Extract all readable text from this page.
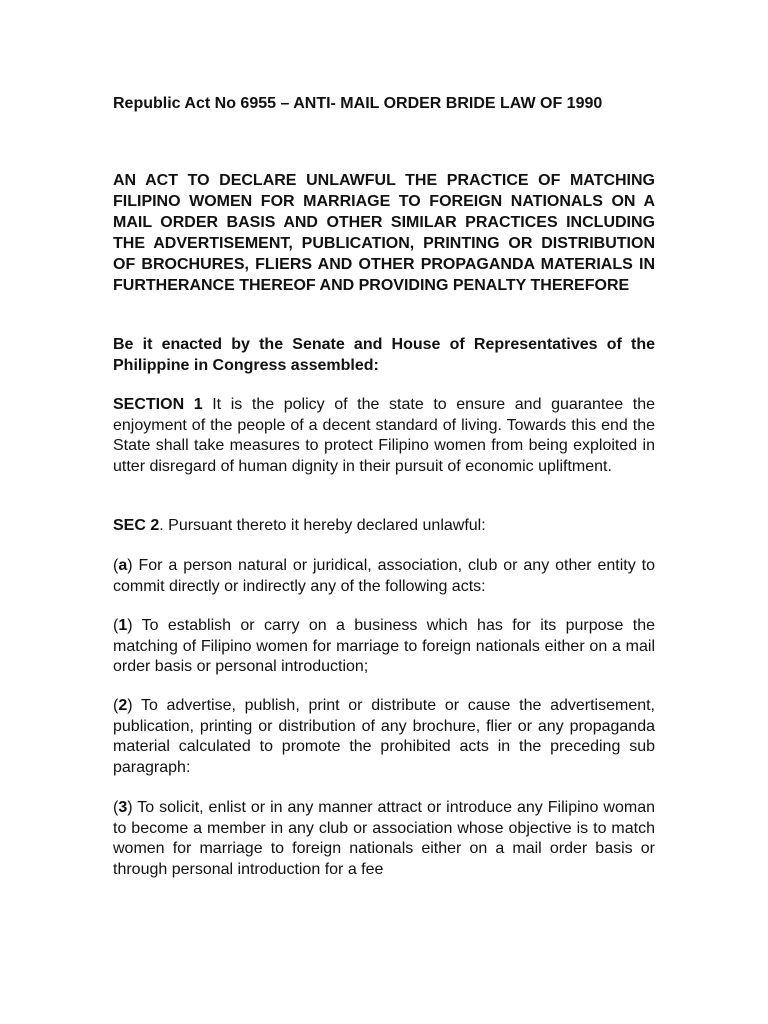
Republic Act No 6955 – ANTI- MAIL ORDER BRIDE LAW OF 1990
AN ACT TO DECLARE UNLAWFUL THE PRACTICE OF MATCHING FILIPINO WOMEN FOR MARRIAGE TO FOREIGN NATIONALS ON A MAIL ORDER BASIS AND OTHER SIMILAR PRACTICES INCLUDING THE ADVERTISEMENT, PUBLICATION, PRINTING OR DISTRIBUTION OF BROCHURES, FLIERS AND OTHER PROPAGANDA MATERIALS IN FURTHERANCE THEREOF AND PROVIDING PENALTY THEREFORE
Be it enacted by the Senate and House of Representatives of the Philippine in Congress assembled:
SECTION 1 It is the policy of the state to ensure and guarantee the enjoyment of the people of a decent standard of living. Towards this end the State shall take measures to protect Filipino women from being exploited in utter disregard of human dignity in their pursuit of economic upliftment.
SEC 2. Pursuant thereto it hereby declared unlawful:
(a) For a person natural or juridical, association, club or any other entity to commit directly or indirectly any of the following acts:
(1) To establish or carry on a business which has for its purpose the matching of Filipino women for marriage to foreign nationals either on a mail order basis or personal introduction;
(2) To advertise, publish, print or distribute or cause the advertisement, publication, printing or distribution of any brochure, flier or any propaganda material calculated to promote the prohibited acts in the preceding sub paragraph:
(3) To solicit, enlist or in any manner attract or introduce any Filipino woman to become a member in any club or association whose objective is to match women for marriage to foreign nationals either on a mail order basis or through personal introduction for a fee
